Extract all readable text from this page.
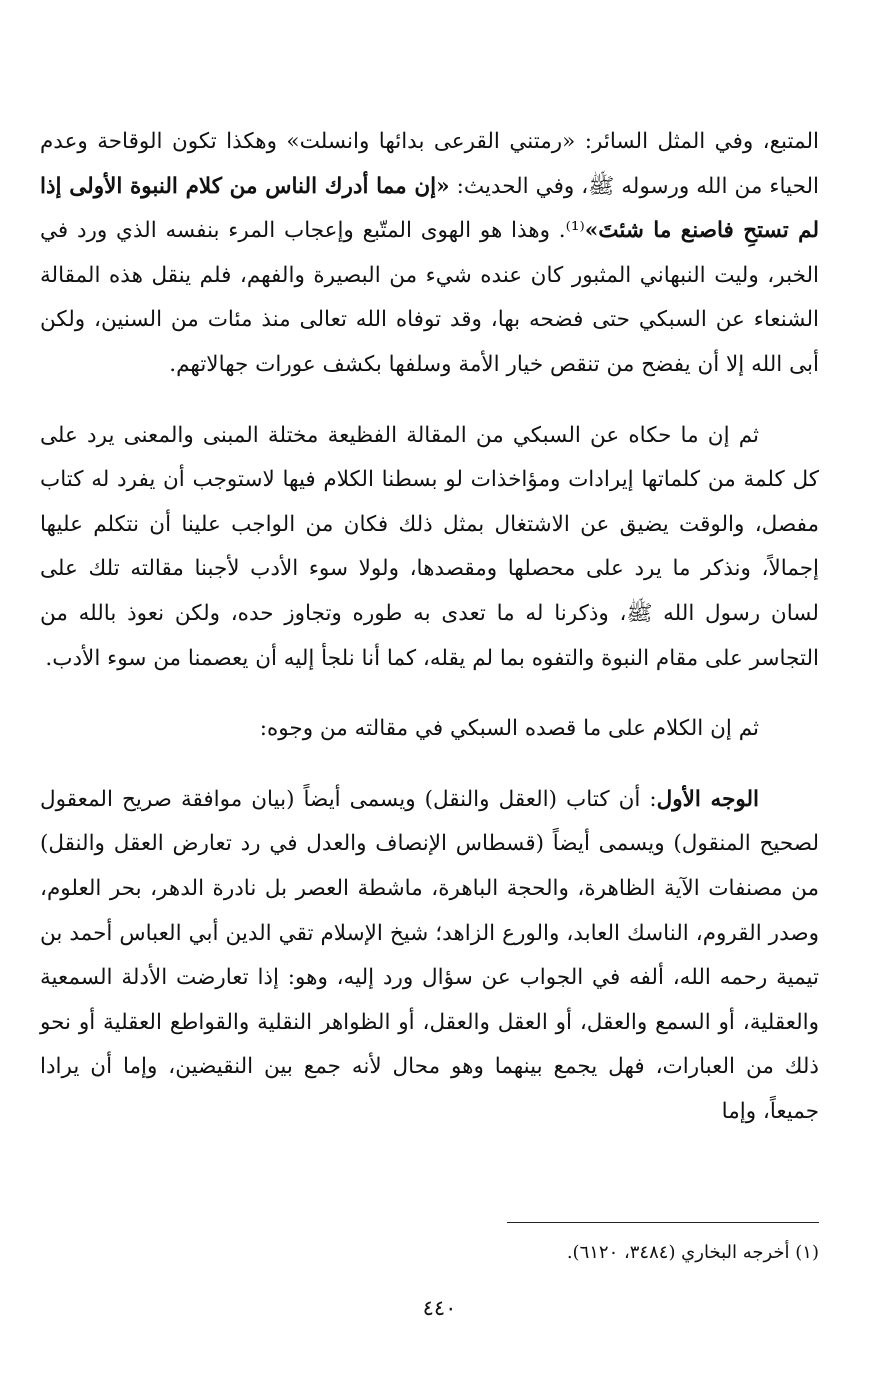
المتبع، وفي المثل السائر: «رمتني القرعى بدائها وانسلت» وهكذا تكون الوقاحة وعدم الحياء من الله ورسوله ﷺ، وفي الحديث: «إن مما أدرك الناس من كلام النبوة الأولى إذا لم تستحِ فاصنع ما شئتَ»⁽¹⁾. وهذا هو الهوى المتّبع وإعجاب المرء بنفسه الذي ورد في الخبر، وليت النبهاني المثبور كان عنده شيء من البصيرة والفهم، فلم ينقل هذه المقالة الشنعاء عن السبكي حتى فضحه بها، وقد توفاه الله تعالى منذ مئات من السنين، ولكن أبى الله إلا أن يفضح من تنقص خيار الأمة وسلفها بكشف عورات جهالاتهم.

ثم إن ما حكاه عن السبكي من المقالة الفظيعة مختلة المبنى والمعنى يرد على كل كلمة من كلماتها إيرادات ومؤاخذات لو بسطنا الكلام فيها لاستوجب أن يفرد له كتاب مفصل، والوقت يضيق عن الاشتغال بمثل ذلك فكان من الواجب علينا أن نتكلم عليها إجمالاً، ونذكر ما يرد على محصلها ومقصدها، ولولا سوء الأدب لأجبنا مقالته تلك على لسان رسول الله ﷺ، وذكرنا له ما تعدى به طوره وتجاوز حده، ولكن نعوذ بالله من التجاسر على مقام النبوة والتفوه بما لم يقله، كما أنا نلجأ إليه أن يعصمنا من سوء الأدب.

ثم إن الكلام على ما قصده السبكي في مقالته من وجوه:

الوجه الأول: أن كتاب (العقل والنقل) ويسمى أيضاً (بيان موافقة صريح المعقول لصحيح المنقول) ويسمى أيضاً (قسطاس الإنصاف والعدل في رد تعارض العقل والنقل) من مصنفات الآية الظاهرة، والحجة الباهرة، ماشطة العصر بل نادرة الدهر، بحر العلوم، وصدر القروم، الناسك العابد، والورع الزاهد؛ شيخ الإسلام تقي الدين أبي العباس أحمد بن تيمية رحمه الله، ألفه في الجواب عن سؤال ورد إليه، وهو: إذا تعارضت الأدلة السمعية والعقلية، أو السمع والعقل، أو العقل والعقل، أو الظواهر النقلية والقواطع العقلية أو نحو ذلك من العبارات، فهل يجمع بينهما وهو محال لأنه جمع بين النقيضين، وإما أن يرادا جميعاً، وإما

(١) أخرجه البخاري (٣٤٨٤، ٦١٢٠).
٤٤٠
